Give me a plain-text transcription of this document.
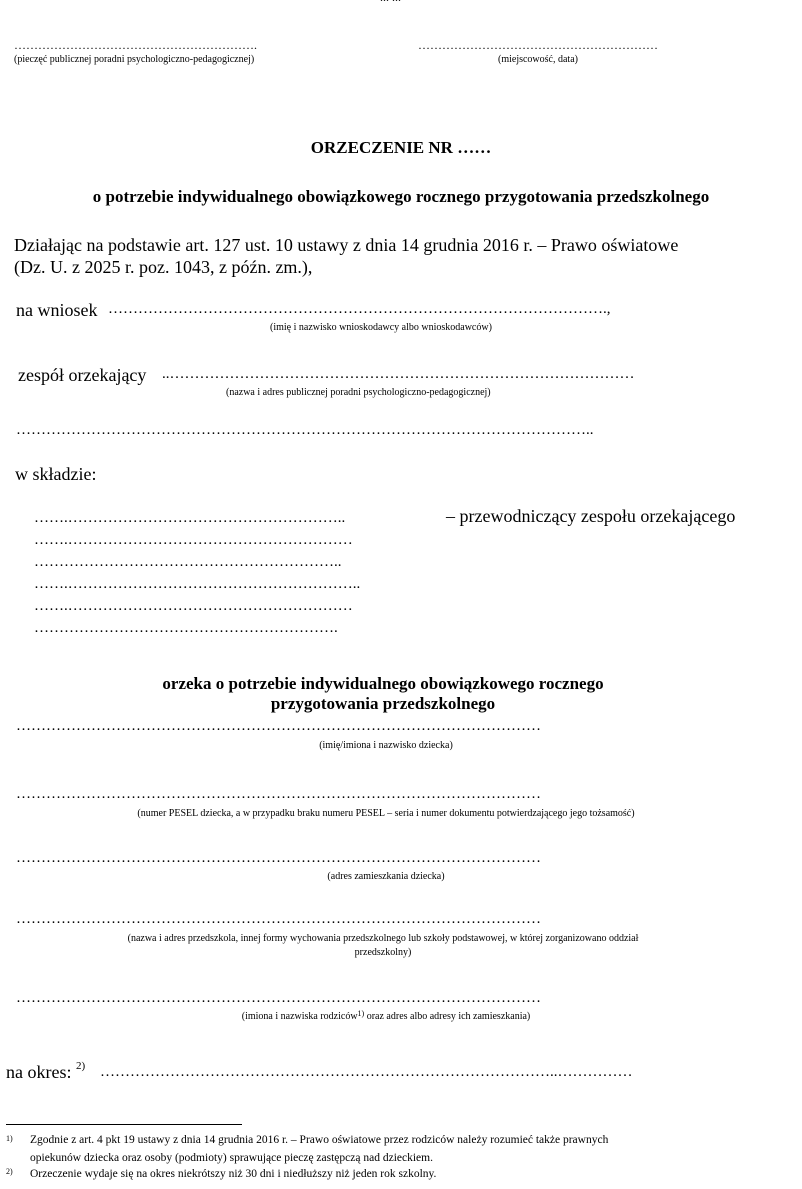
…………………………………………………….
(pieczęć publicznej poradni psychologiczno-pedagogicznej)
……………………………………………………
(miejscowość, data)
ORZECZENIE NR ……
o potrzebie indywidualnego obowiązkowego rocznego przygotowania przedszkolnego
Działając na podstawie art. 127 ust. 10 ustawy z dnia 14 grudnia 2016 r. – Prawo oświatowe
(Dz. U. z 2025 r. poz. 1043, z późn. zm.),
na wniosek ……………………………………………………………………………………….,
(imię i nazwisko wnioskodawcy albo wnioskodawców)
zespół orzekający ..…………………………………………………………………………………
(nazwa i adres publicznej poradni psychologiczno-pedagogicznej)
……………………………………………………………………………………………………..
w składzie:
…….………………………………………………..	– przewodniczący zespołu orzekającego
…….…………………………………………………
……………………………………………………..
…….…………………………………………………..
…….…………………………………………………
…………………………………………………….
orzeka o potrzebie indywidualnego obowiązkowego rocznego
przygotowania przedszkolnego
……………………………………………………………………………………………
(imię/imiona i nazwisko dziecka)
……………………………………………………………………………………………
(numer PESEL dziecka, a w przypadku braku numeru PESEL – seria i numer dokumentu potwierdzającego jego tożsamość)
……………………………………………………………………………………………
(adres zamieszkania dziecka)
……………………………………………………………………………………………
(nazwa i adres przedszkola, innej formy wychowania przedszkolnego lub szkoły podstawowej, w której zorganizowano oddział
przedszkolny)
……………………………………………………………………………………………
(imiona i nazwiska rodziców$^{1)}$ oraz adres albo adresy ich zamieszkania)
na okres: $^{2)}$ ………………………………………………………………………………..……………
1) Zgodnie z art. 4 pkt 19 ustawy z dnia 14 grudnia 2016 r. – Prawo oświatowe przez rodziców należy rozumieć także prawnych
opiekunów dziecka oraz osoby (podmioty) sprawujące pieczę zastępczą nad dzieckiem.
2) Orzeczenie wydaje się na okres niekrótszy niż 30 dni i niedłuższy niż jeden rok szkolny.
